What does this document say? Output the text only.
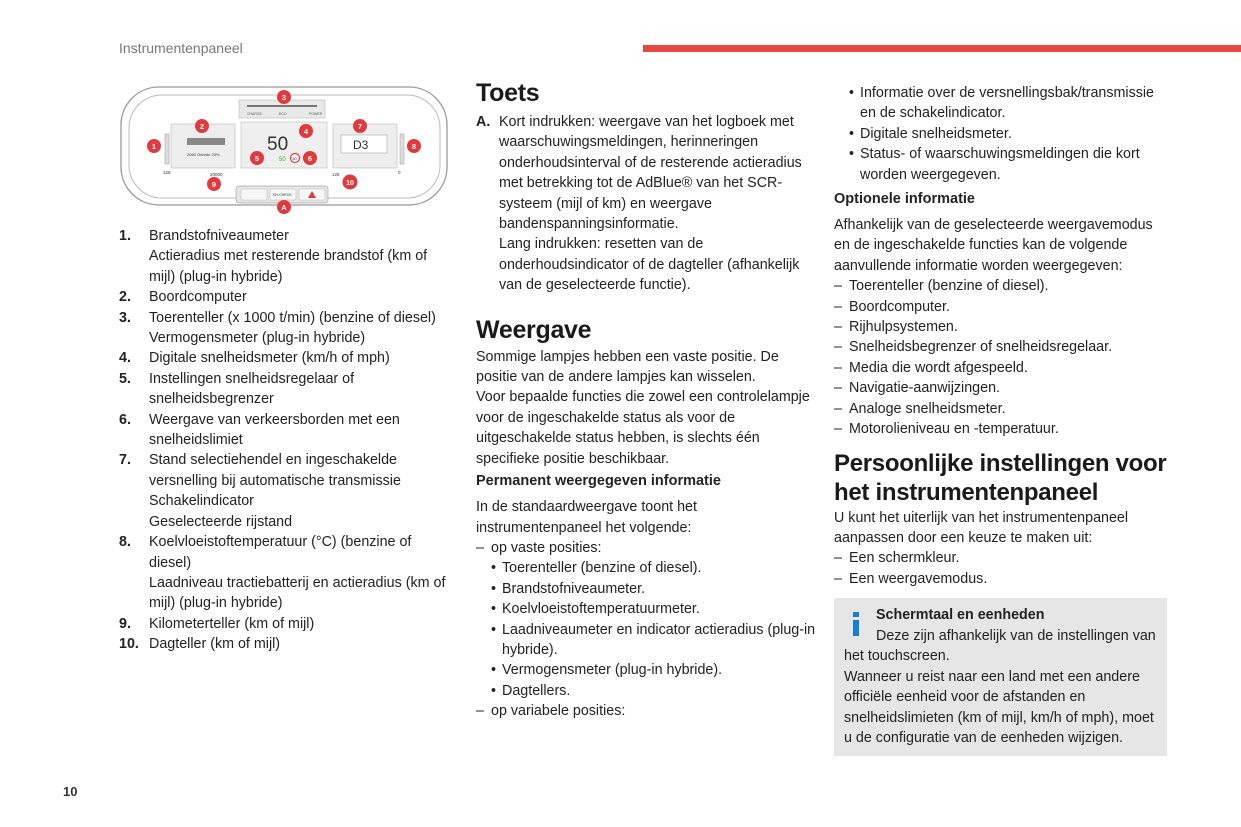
Instrumentenpaneel
CHARGE	ECO	POWER
2060 Onbrdn 20%	50
50 50
D3
125	0
20000	125
SH-CHECK
3
2	7
4
1	8
5	6
10
9
A
1. Brandstofniveaumeter
Actieradius met resterende brandstof (km of mijl) (plug-in hybride)
2. Boordcomputer
3. Toerenteller (x 1000 t/min) (benzine of diesel)
Vermogensmeter (plug-in hybride)
4. Digitale snelheidsmeter (km/h of mph)
5. Instellingen snelheidsregelaar of snelheidsbegrenzer
6. Weergave van verkeersborden met een snelheidslimiet
7. Stand selectiehendel en ingeschakelde versnelling bij automatische transmissie
Schakelindicator
Geselecteerde rijstand
8. Koelvloeistoftemperatuur (°C) (benzine of diesel)
Laadniveau tractiebatterij en actieradius (km of mijl) (plug-in hybride)
9. Kilometerteller (km of mijl)
10. Dagteller (km of mijl)
Toets
A. Kort indrukken: weergave van het logboek met waarschuwingsmeldingen, herinneringen onderhoudsinterval of de resterende actieradius met betrekking tot de AdBlue® van het SCR-systeem (mijl of km) en weergave bandenspanningsinformatie.

Lang indrukken: resetten van de onderhoudsindicator of de dagteller (afhankelijk van de geselecteerde functie).

Weergave

Sommige lampjes hebben een vaste positie. De positie van de andere lampjes kan wisselen.

Voor bepaalde functies die zowel een controlelampje voor de ingeschakelde status als voor de uitgeschakelde status hebben, is slechts één specifieke positie beschikbaar.

Permanent weergegeven informatie

In de standaardweergave toont het instrumentenpaneel het volgende:

– op vaste posities:
• Toerenteller (benzine of diesel).
• Brandstofniveaumeter.
• Koelvloeistoftemperatuurmeter.
• Laadniveaumeter en indicator actieradius (plug-in hybride).
• Vermogensmeter (plug-in hybride).
• Dagtellers.
– op variabele posities:
• Informatie over de versnellingsbak/transmissie en de schakelindicator.
• Digitale snelheidsmeter.
• Status- of waarschuwingsmeldingen die kort worden weergegeven.
Optionele informatie

Afhankelijk van de geselecteerde weergavemodus en de ingeschakelde functies kan de volgende aanvullende informatie worden weergegeven:

– Toerenteller (benzine of diesel).
– Boordcomputer.
– Rijhulpsystemen.
– Snelheidsbegrenzer of snelheidsregelaar.
– Media die wordt afgespeeld.
– Navigatie-aanwijzingen.
– Analoge snelheidsmeter.
– Motorolieniveau en -temperatuur.
Persoonlijke instellingen voor het instrumentenpaneel

U kunt het uiterlijk van het instrumentenpaneel aanpassen door een keuze te maken uit:

– Een schermkleur.
– Een weergavemodus.
Schermtaal en eenheden
Deze zijn afhankelijk van de instellingen van het touchscreen.
Wanneer u reist naar een land met een andere officiële eenheid voor de afstanden en snelheidslimieten (km of mijl, km/h of mph), moet u de configuratie van de eenheden wijzigen.
10
